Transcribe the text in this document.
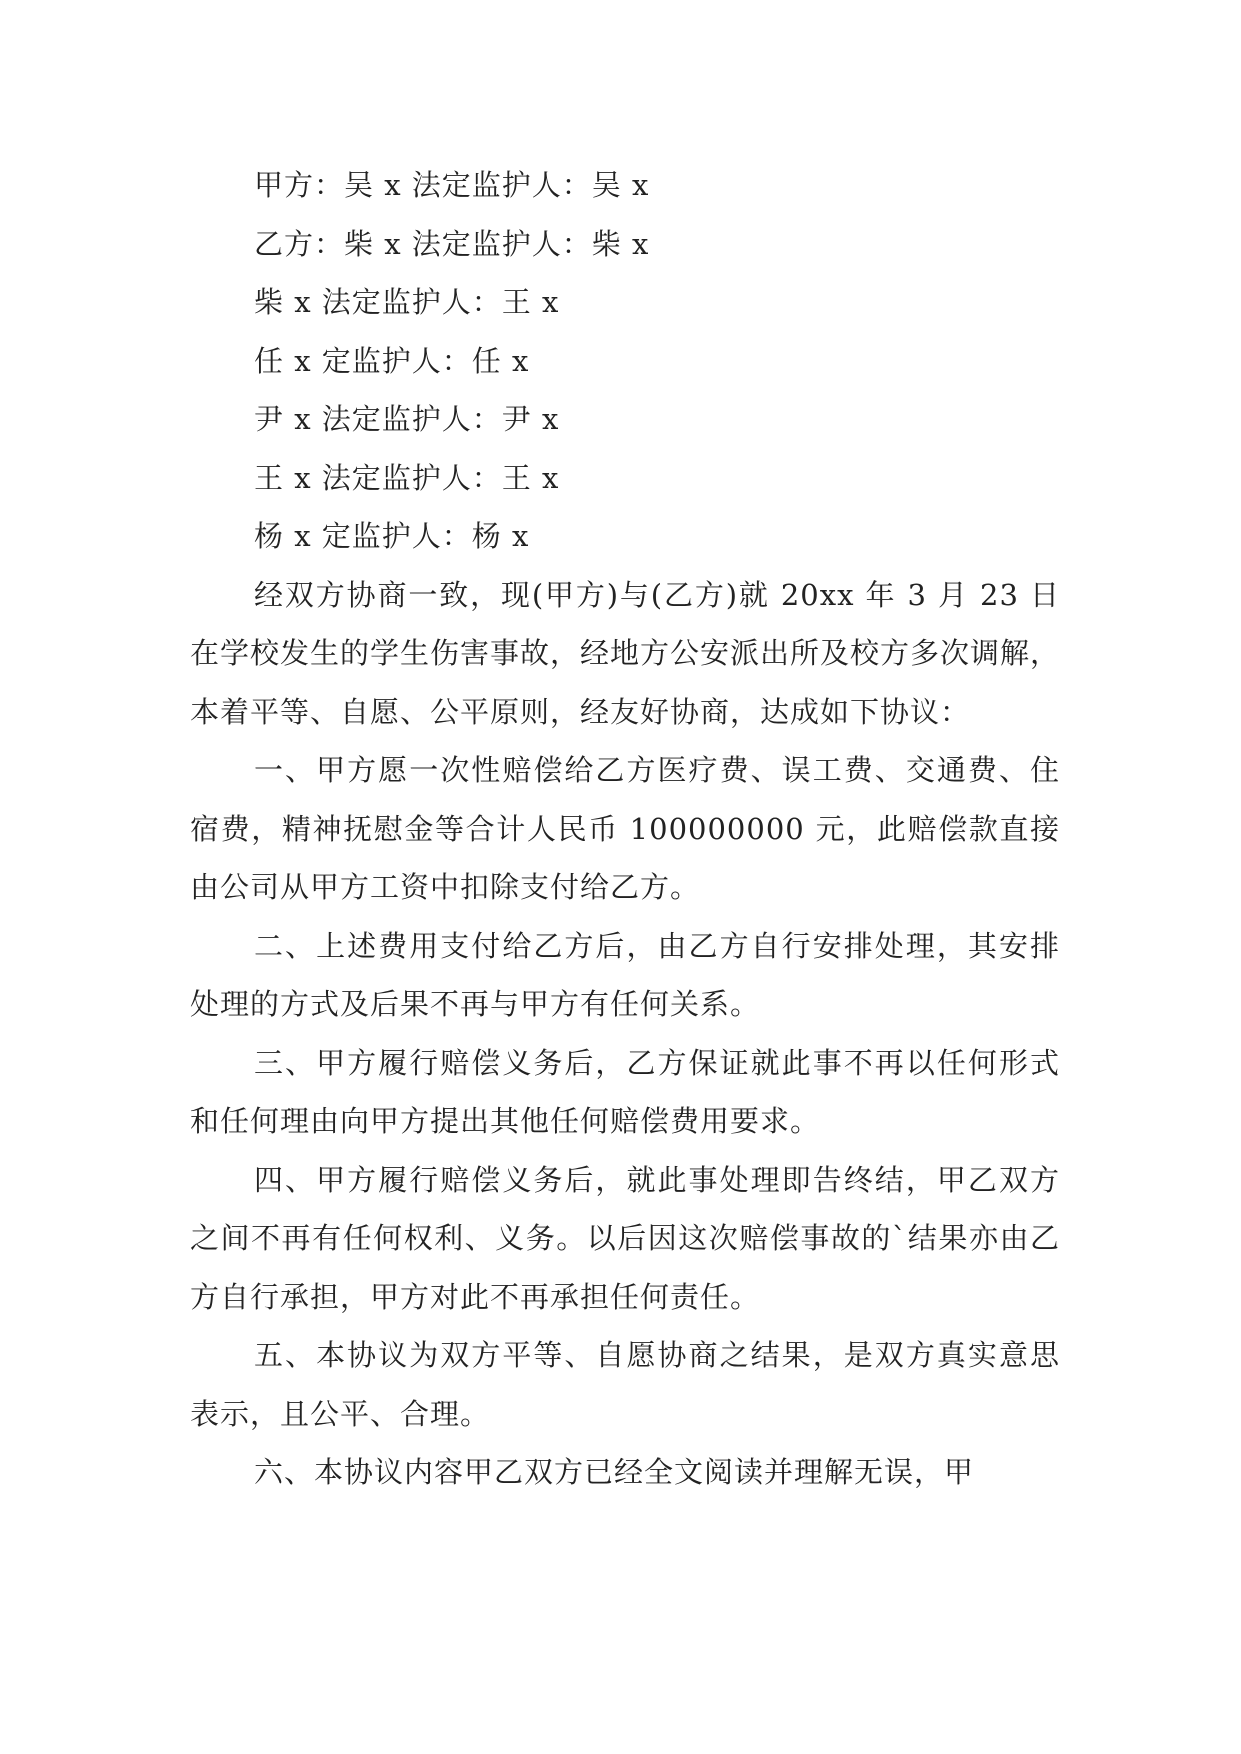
甲方：吴 x 法定监护人：吴 x

乙方：柴 x 法定监护人：柴 x

柴 x 法定监护人：王 x

任 x 定监护人：任 x

尹 x 法定监护人：尹 x

王 x 法定监护人：王 x

杨 x 定监护人：杨 x

经双方协商一致，现(甲方)与(乙方)就 20xx 年 3 月 23 日在学校发生的学生伤害事故，经地方公安派出所及校方多次调解，本着平等、自愿、公平原则，经友好协商，达成如下协议：

一、甲方愿一次性赔偿给乙方医疗费、误工费、交通费、住宿费，精神抚慰金等合计人民币 100000000 元，此赔偿款直接由公司从甲方工资中扣除支付给乙方。

二、上述费用支付给乙方后，由乙方自行安排处理，其安排处理的方式及后果不再与甲方有任何关系。

三、甲方履行赔偿义务后，乙方保证就此事不再以任何形式和任何理由向甲方提出其他任何赔偿费用要求。

四、甲方履行赔偿义务后，就此事处理即告终结，甲乙双方之间不再有任何权利、义务。以后因这次赔偿事故的`结果亦由乙方自行承担，甲方对此不再承担任何责任。

五、本协议为双方平等、自愿协商之结果，是双方真实意思表示，且公平、合理。

六、本协议内容甲乙双方已经全文阅读并理解无误，甲
